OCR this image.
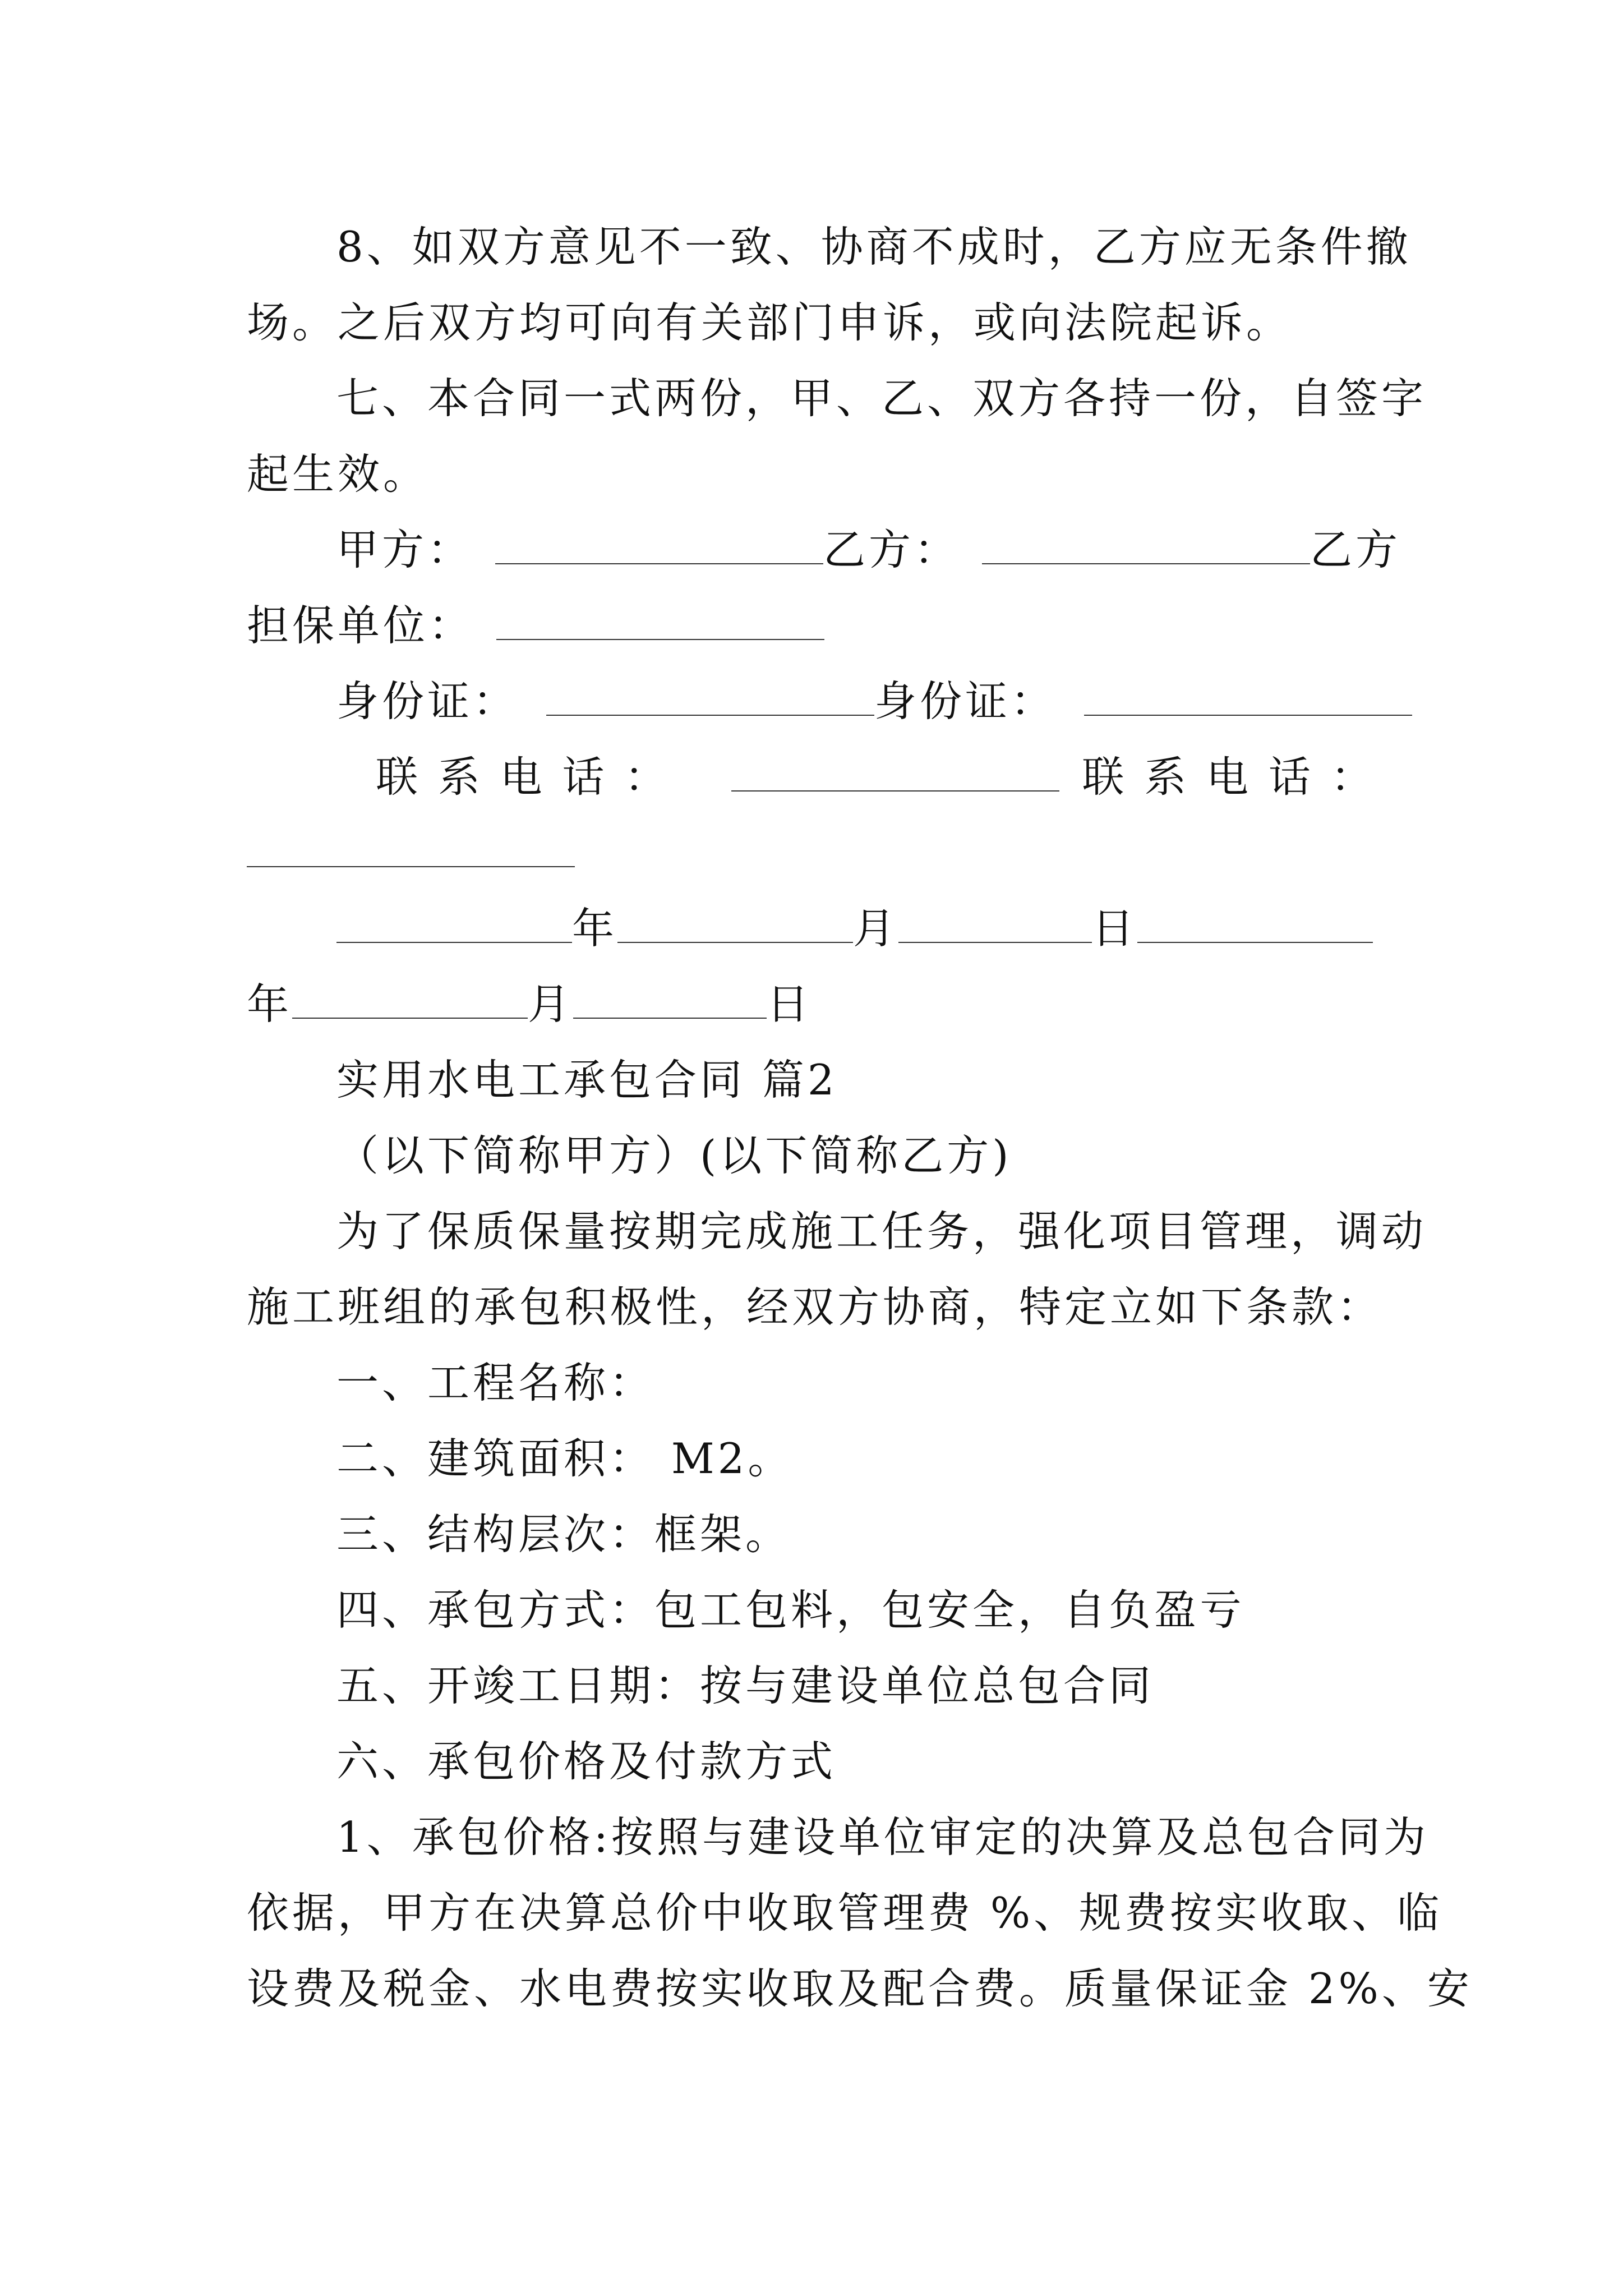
8、如双方意见不一致、协商不成时，乙方应无条件撤
场。之后双方均可向有关部门申诉，或向法院起诉。
七、本合同一式两份，甲、乙、双方各持一份，自签字
起生效。
甲方：	乙方：	乙方
担保单位：
身份证：	身份证：
联 系 电 话 ：	联 系 电 话 ：
年	月	日
年	月	日
实用水电工承包合同 篇2
（以下简称甲方）(以下简称乙方)
为了保质保量按期完成施工任务，强化项目管理，调动
施工班组的承包积极性，经双方协商，特定立如下条款：
一、工程名称：
二、建筑面积： M2。
三、结构层次：框架。
四、承包方式：包工包料，包安全，自负盈亏
五、开竣工日期：按与建设单位总包合同
六、承包价格及付款方式
1、承包价格:按照与建设单位审定的决算及总包合同为
依据，甲方在决算总价中收取管理费 %、规费按实收取、临
设费及税金、水电费按实收取及配合费。质量保证金 2%、安
